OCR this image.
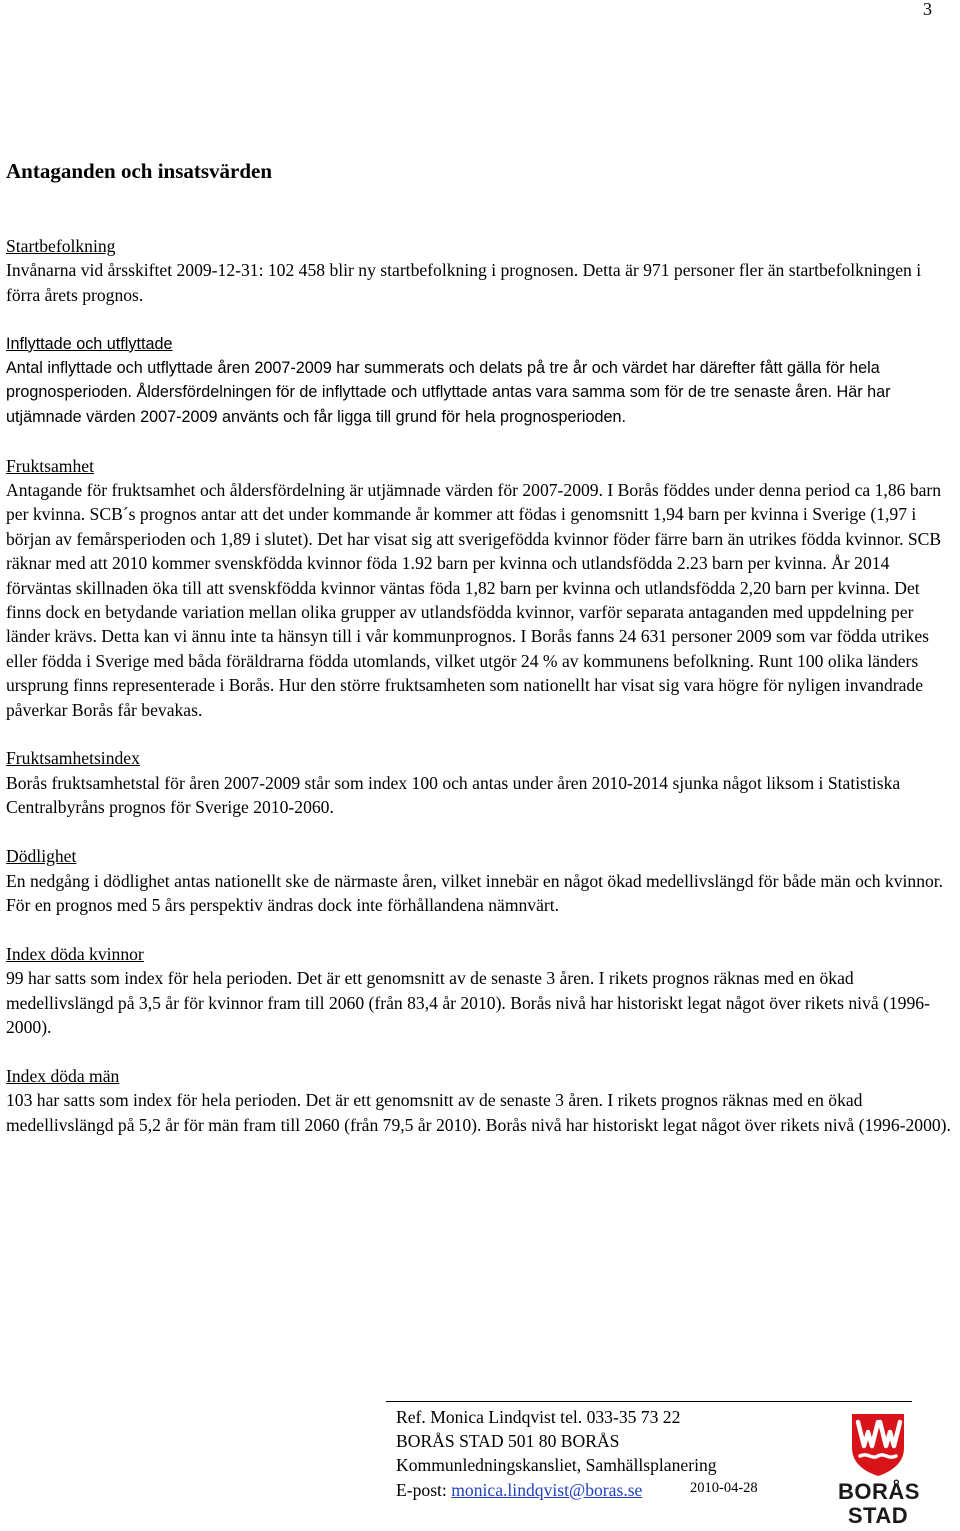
3
Antaganden och insatsvärden
Startbefolkning

Invånarna vid årsskiftet 2009-12-31: 102 458 blir ny startbefolkning i prognosen. Detta är 971 personer fler än startbefolkningen i förra årets prognos.

Inflyttade och utflyttade

Antal inflyttade och utflyttade åren 2007-2009 har summerats och delats på tre år och värdet har därefter fått gälla för hela prognosperioden. Åldersfördelningen för de inflyttade och utflyttade antas vara samma som för de tre senaste åren. Här har utjämnade värden 2007-2009 använts och får ligga till grund för hela prognosperioden.

Fruktsamhet

Antagande för fruktsamhet och åldersfördelning är utjämnade värden för 2007-2009. I Borås föddes under denna period ca 1,86 barn per kvinna. SCB´s prognos antar att det under kommande år kommer att födas i genomsnitt 1,94 barn per kvinna i Sverige (1,97 i början av femårsperioden och 1,89 i slutet). Det har visat sig att sverigefödda kvinnor föder färre barn än utrikes födda kvinnor. SCB räknar med att 2010 kommer svenskfödda kvinnor föda 1.92 barn per kvinna och utlandsfödda 2.23 barn per kvinna. År 2014 förväntas skillnaden öka till att svenskfödda kvinnor väntas föda 1,82 barn per kvinna och utlandsfödda 2,20 barn per kvinna. Det finns dock en betydande variation mellan olika grupper av utlandsfödda kvinnor, varför separata antaganden med uppdelning per länder krävs. Detta kan vi ännu inte ta hänsyn till i vår kommunprognos. I Borås fanns 24 631 personer 2009 som var födda utrikes eller födda i Sverige med båda föräldrarna födda utomlands, vilket utgör 24 % av kommunens befolkning. Runt 100 olika länders ursprung finns representerade i Borås. Hur den större fruktsamheten som nationellt har visat sig vara högre för nyligen invandrade påverkar Borås får bevakas.

Fruktsamhetsindex

Borås fruktsamhetstal för åren 2007-2009 står som index 100 och antas under åren 2010-2014 sjunka något liksom i Statistiska Centralbyråns prognos för Sverige 2010-2060.

Dödlighet

En nedgång i dödlighet antas nationellt ske de närmaste åren, vilket innebär en något ökad medellivslängd för både män och kvinnor. För en prognos med 5 års perspektiv ändras dock inte förhållandena nämnvärt.

Index döda kvinnor

99 har satts som index för hela perioden. Det är ett genomsnitt av de senaste 3 åren. I rikets prognos räknas med en ökad medellivslängd på 3,5 år för kvinnor fram till 2060 (från 83,4 år 2010). Borås nivå har historiskt legat något över rikets nivå (1996-2000).

Index döda män

103 har satts som index för hela perioden. Det är ett genomsnitt av de senaste 3 åren. I rikets prognos räknas med en ökad medellivslängd på 5,2 år för män fram till 2060 (från 79,5 år 2010). Borås nivå har historiskt legat något över rikets nivå (1996-2000).

Ref. Monica Lindqvist tel. 033-35 73 22
BORÅS STAD 501 80 BORÅS
Kommunledningskansliet, Samhällsplanering
E-post: monica.lindqvist@boras.se	2010-04-28	BORÅS
STAD
